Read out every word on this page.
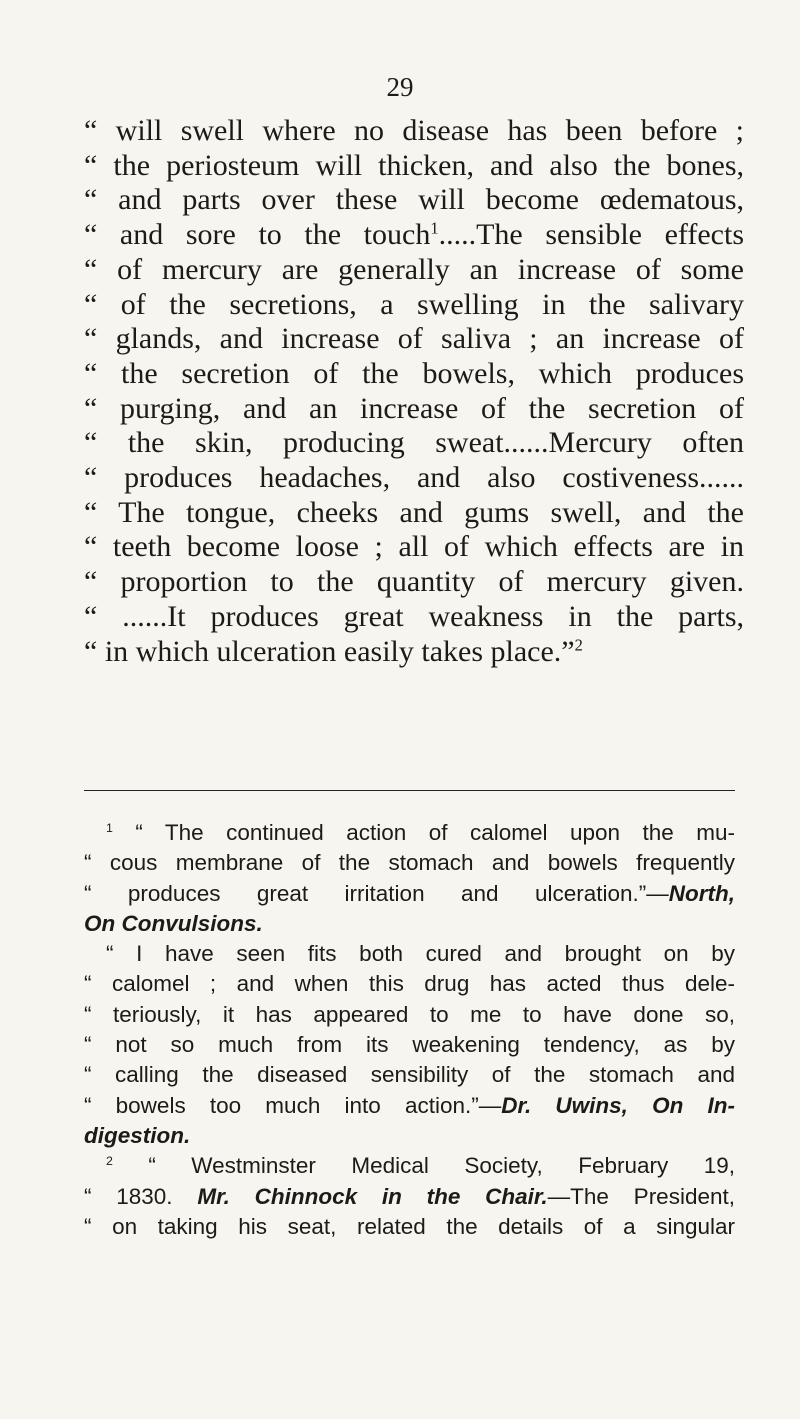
29
“ will swell where no disease has been before ;
“ the periosteum will thicken, and also the bones,
“ and parts over these will become œdematous,
“ and sore to the touch$^1$.....The sensible effects
“ of mercury are generally an increase of some
“ of the secretions, a swelling in the salivary
“ glands, and increase of saliva ; an increase of
“ the secretion of the bowels, which produces
“ purging, and an increase of the secretion of
“ the skin, producing sweat......Mercury often
“ produces headaches, and also costiveness......
“ The tongue, cheeks and gums swell, and the
“ teeth become loose ; all of which effects are in
“ proportion to the quantity of mercury given.
“ ......It produces great weakness in the parts,
“ in which ulceration easily takes place.”$^2$
$^1$ “ The continued action of calomel upon the mu-
“ cous membrane of the stomach and bowels frequently
“ produces great irritation and ulceration.”—North,
On Convulsions.
“ I have seen fits both cured and brought on by
“ calomel ; and when this drug has acted thus dele-
“ teriously, it has appeared to me to have done so,
“ not so much from its weakening tendency, as by
“ calling the diseased sensibility of the stomach and
“ bowels too much into action.”—Dr. Uwins, On In-
digestion.
$^2$ “ Westminster Medical Society, February 19,
“ 1830. Mr. Chinnock in the Chair.—The President,
“ on taking his seat, related the details of a singular
